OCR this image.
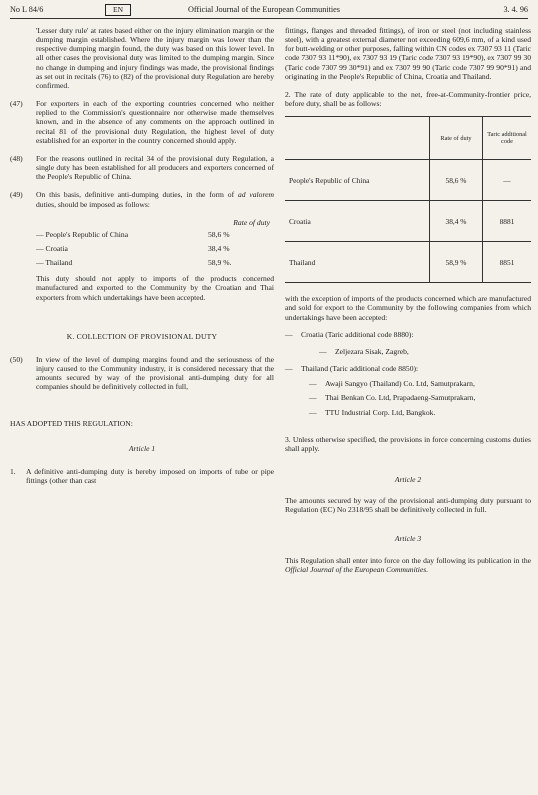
No L 84/6	EN	Official Journal of the European Communities	3. 4. 96

'Lesser duty rule' at rates based either on the injury elimination margin or the dumping margin established. Where the injury margin was lower than the respective dumping margin found, the duty was based on this lower level. In all other cases the provisional duty was limited to the dumping margin. Since no change in dumping and injury findings was made, the provisional findings as set out in recitals (76) to (82) of the provisional duty Regulation are hereby confirmed.

(47)	For exporters in each of the exporting countries concerned who neither replied to the Commission's questionnaire nor otherwise made themselves known, and in the absence of any comments on the approach outlined in recital 81 of the provisional duty Regulation, the highest level of duty established for an exporter in the country concerned should apply.
(48)	For the reasons outlined in recital 34 of the provisional duty Regulation, a single duty has been established for all producers and exporters concerned of the People's Republic of China.
(49)	On this basis, definitive anti-dumping duties, in the form of ad valorem duties, should be imposed as follows:

Rate of duty

— People's Republic of China	58,6 %
— Croatia	38,4 %
— Thailand	58,9 %.

This duty should not apply to imports of the products concerned manufactured and exported to the Community by the Croatian and Thai exporters from which undertakings have been accepted.

K. COLLECTION OF PROVISIONAL DUTY

(50)	In view of the level of dumping margins found and the seriousness of the injury caused to the Community industry, it is considered necessary that the amounts secured by way of the provisional anti-dumping duty for all companies should be definitively collected in full,

HAS ADOPTED THIS REGULATION:

Article 1

1.	A definitive anti-dumping duty is hereby imposed on imports of tube or pipe fittings (other than cast

fittings, flanges and threaded fittings), of iron or steel (not including stainless steel), with a greatest external diameter not exceeding 609,6 mm, of a kind used for butt-welding or other purposes, falling within CN codes ex 7307 93 11 (Taric code 7307 93 11*90), ex 7307 93 19 (Taric code 7307 93 19*90), ex 7307 99 30 (Taric code 7307 99 30*91) and ex 7307 99 90 (Taric code 7307 99 90*91) and originating in the People's Republic of China, Croatia and Thailand.

2. The rate of duty applicable to the net, free-at-Community-frontier price, before duty, shall be as follows:

	Rate of duty	Taric additional code
People's Republic of China	58,6 %	—
Croatia	38,4 %	8881
Thailand	58,9 %	8851

with the exception of imports of the products concerned which are manufactured and sold for export to the Community by the following companies from which undertakings have been accepted:

—	Croatia (Taric additional code 8880):
—	Zeljezara Sisak, Zagreb,
—	Thailand (Taric additional code 8850):
—	Awaji Sangyo (Thailand) Co. Ltd, Samutprakarn,
—	Thai Benkan Co. Ltd, Prapadaeng-Samutprakarn,
—	TTU Industrial Corp. Ltd, Bangkok.

3. Unless otherwise specified, the provisions in force concerning customs duties shall apply.

Article 2

The amounts secured by way of the provisional anti-dumping duty pursuant to Regulation (EC) No 2318/95 shall be definitively collected in full.

Article 3

This Regulation shall enter into force on the day following its publication in the Official Journal of the European Communities.
